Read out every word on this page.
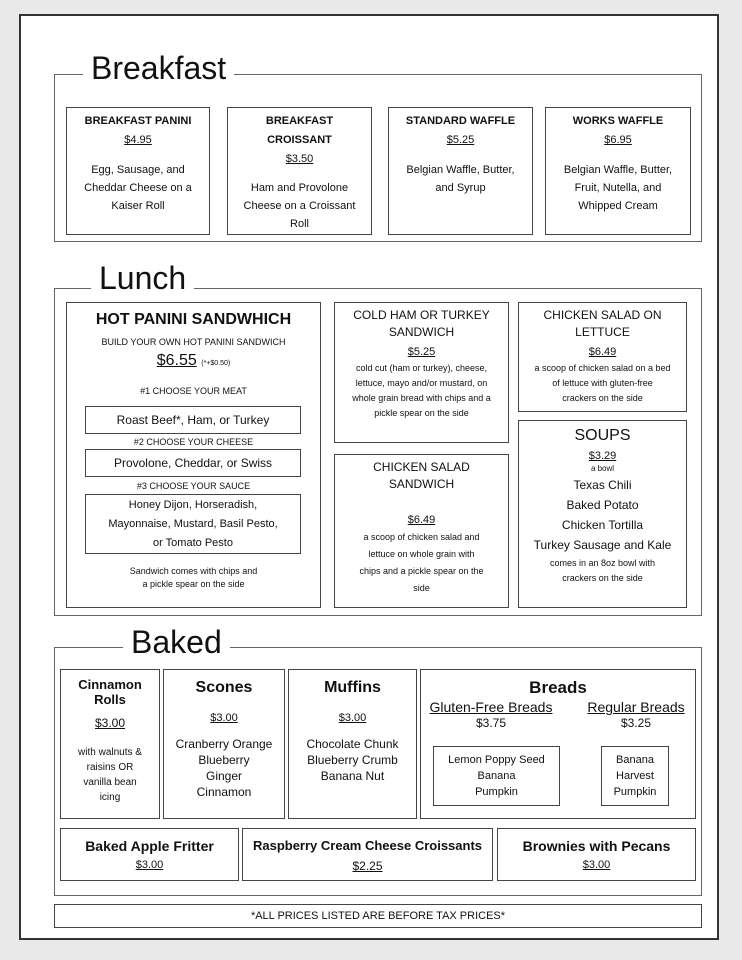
Breakfast
BREAKFAST PANINI
$4.95
Egg, Sausage, and
Cheddar Cheese on a
Kaiser Roll
BREAKFAST
CROISSANT
$3.50
Ham and Provolone
Cheese on a Croissant
Roll
STANDARD WAFFLE
$5.25
Belgian Waffle, Butter,
and Syrup
WORKS WAFFLE
$6.95
Belgian Waffle, Butter,
Fruit, Nutella, and
Whipped Cream
Lunch
HOT PANINI SANDWHICH
BUILD YOUR OWN HOT PANINI SANDWICH
$6.55 (*+$0.50)
#1 CHOOSE YOUR MEAT
Roast Beef*, Ham, or Turkey
#2 CHOOSE YOUR CHEESE
Provolone, Cheddar, or Swiss
#3 CHOOSE YOUR SAUCE
Honey Dijon, Horseradish,
Mayonnaise, Mustard, Basil Pesto,
or Tomato Pesto
Sandwich comes with chips and
a pickle spear on the side
COLD HAM OR TURKEY
SANDWICH
$5.25
cold cut (ham or turkey), cheese,
lettuce, mayo and/or mustard, on
whole grain bread with chips and a
pickle spear on the side
CHICKEN SALAD ON
LETTUCE
$6.49
a scoop of chicken salad on a bed
of lettuce with gluten-free
crackers on the side
CHICKEN SALAD
SANDWICH
$6.49
a scoop of chicken salad and
lettuce on whole grain with
chips and a pickle spear on the
side
SOUPS
$3.29
a bowl
Texas Chili
Baked Potato
Chicken Tortilla
Turkey Sausage and Kale
comes in an 8oz bowl with
crackers on the side
Baked
Cinnamon
Rolls
$3.00
with walnuts &
raisins OR
vanilla bean
icing
Scones
$3.00
Cranberry Orange
Blueberry
Ginger
Cinnamon
Muffins
$3.00
Chocolate Chunk
Blueberry Crumb
Banana Nut
Breads
Gluten-Free Breads
$3.75
Regular Breads
$3.25
Lemon Poppy Seed
Banana
Pumpkin
Banana
Harvest
Pumpkin
Baked Apple Fritter
$3.00
Raspberry Cream Cheese Croissants
$2.25
Brownies with Pecans
$3.00
*ALL PRICES LISTED ARE BEFORE TAX PRICES*
